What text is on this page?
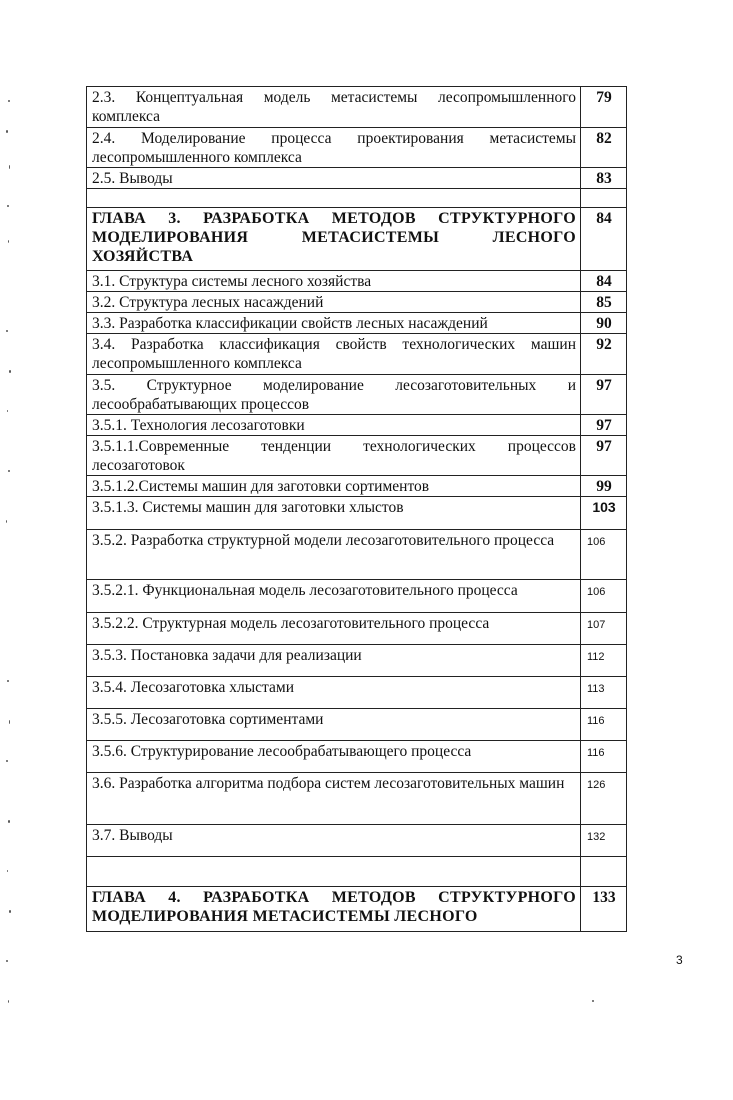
2.3. Концептуальная модель метасистемы лесопромышленного комплекса	79
2.4. Моделирование процесса проектирования метасистемы лесопромышленного комплекса	82
2.5. Выводы	83

ГЛАВА 3. РАЗРАБОТКА МЕТОДОВ СТРУКТУРНОГО МОДЕЛИРОВАНИЯ МЕТАСИСТЕМЫ ЛЕСНОГО ХОЗЯЙСТВА	84
3.1. Структура системы лесного хозяйства	84
3.2. Структура лесных насаждений	85
3.3. Разработка классификации свойств лесных насаждений	90
3.4. Разработка классификация свойств технологических машин лесопромышленного комплекса	92
3.5. Структурное моделирование лесозаготовительных и лесообрабатывающих процессов	97
3.5.1. Технология лесозаготовки	97
3.5.1.1.Современные тенденции технологических процессов лесозаготовок	97
3.5.1.2.Системы машин для заготовки сортиментов	99
3.5.1.3. Системы машин для заготовки хлыстов	103
3.5.2. Разработка структурной модели лесозаготовительного процесса	106
3.5.2.1. Функциональная модель лесозаготовительного процесса	106
3.5.2.2. Структурная модель лесозаготовительного процесса	107
3.5.3. Постановка задачи для реализации	112
3.5.4. Лесозаготовка хлыстами	113
3.5.5. Лесозаготовка сортиментами	116
3.5.6. Структурирование лесообрабатывающего процесса	116
3.6. Разработка алгоритма подбора систем лесозаготовительных машин	126
3.7. Выводы	132

ГЛАВА 4. РАЗРАБОТКА МЕТОДОВ СТРУКТУРНОГО МОДЕЛИРОВАНИЯ МЕТАСИСТЕМЫ ЛЕСНОГО	133
3
